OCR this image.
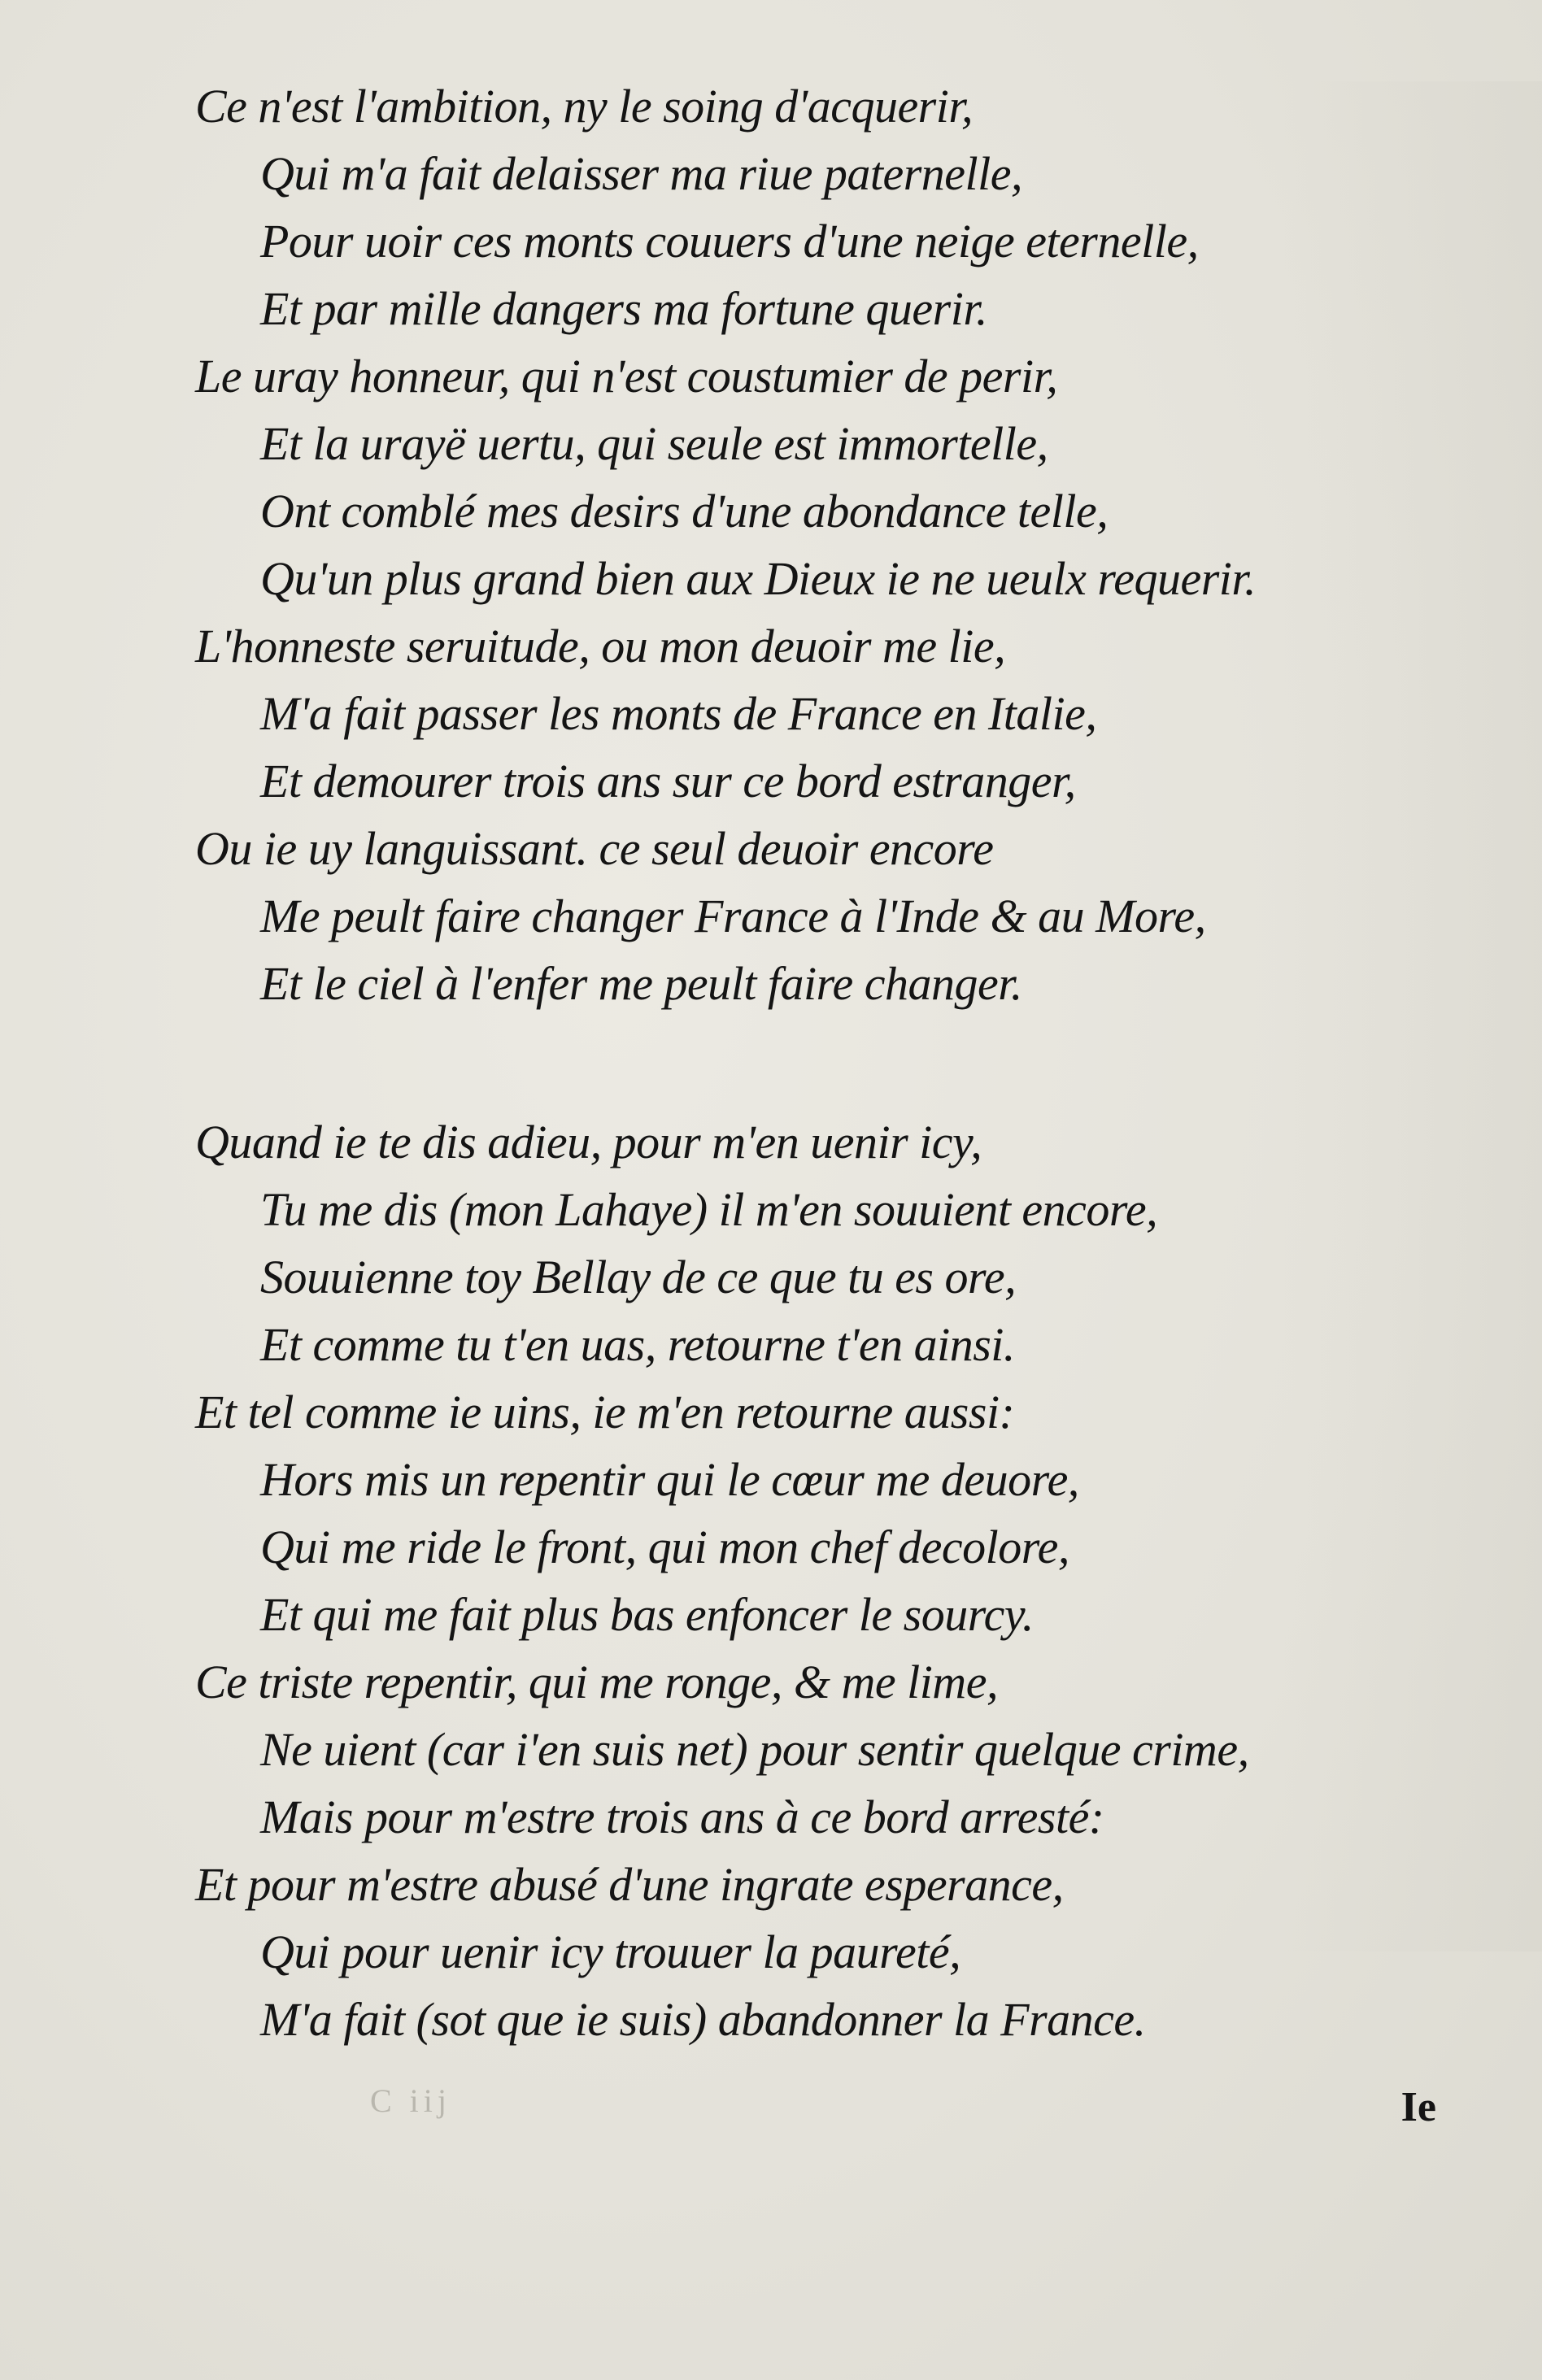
Ce n'est l'ambition, ny le soing d'acquerir,
Qui m'a fait delaisser ma riue paternelle,
Pour uoir ces monts couuers d'une neige eternelle,
Et par mille dangers ma fortune querir.
Le uray honneur, qui n'est coustumier de perir,
Et la urayë uertu, qui seule est immortelle,
Ont comblé mes desirs d'une abondance telle,
Qu'un plus grand bien aux Dieux ie ne ueulx requerir.
L'honneste seruitude, ou mon deuoir me lie,
M'a fait passer les monts de France en Italie,
Et demourer trois ans sur ce bord estranger,
Ou ie uy languissant. ce seul deuoir encore
Me peult faire changer France à l'Inde & au More,
Et le ciel à l'enfer me peult faire changer.
Quand ie te dis adieu, pour m'en uenir icy,
Tu me dis (mon Lahaye) il m'en souuient encore,
Souuienne toy Bellay de ce que tu es ore,
Et comme tu t'en uas, retourne t'en ainsi.
Et tel comme ie uins, ie m'en retourne aussi:
Hors mis un repentir qui le cœur me deuore,
Qui me ride le front, qui mon chef decolore,
Et qui me fait plus bas enfoncer le sourcy.
Ce triste repentir, qui me ronge, & me lime,
Ne uient (car i'en suis net) pour sentir quelque crime,
Mais pour m'estre trois ans à ce bord arresté:
Et pour m'estre abusé d'une ingrate esperance,
Qui pour uenir icy trouuer la paureté,
M'a fait (sot que ie suis) abandonner la France.
C iij	Ie
